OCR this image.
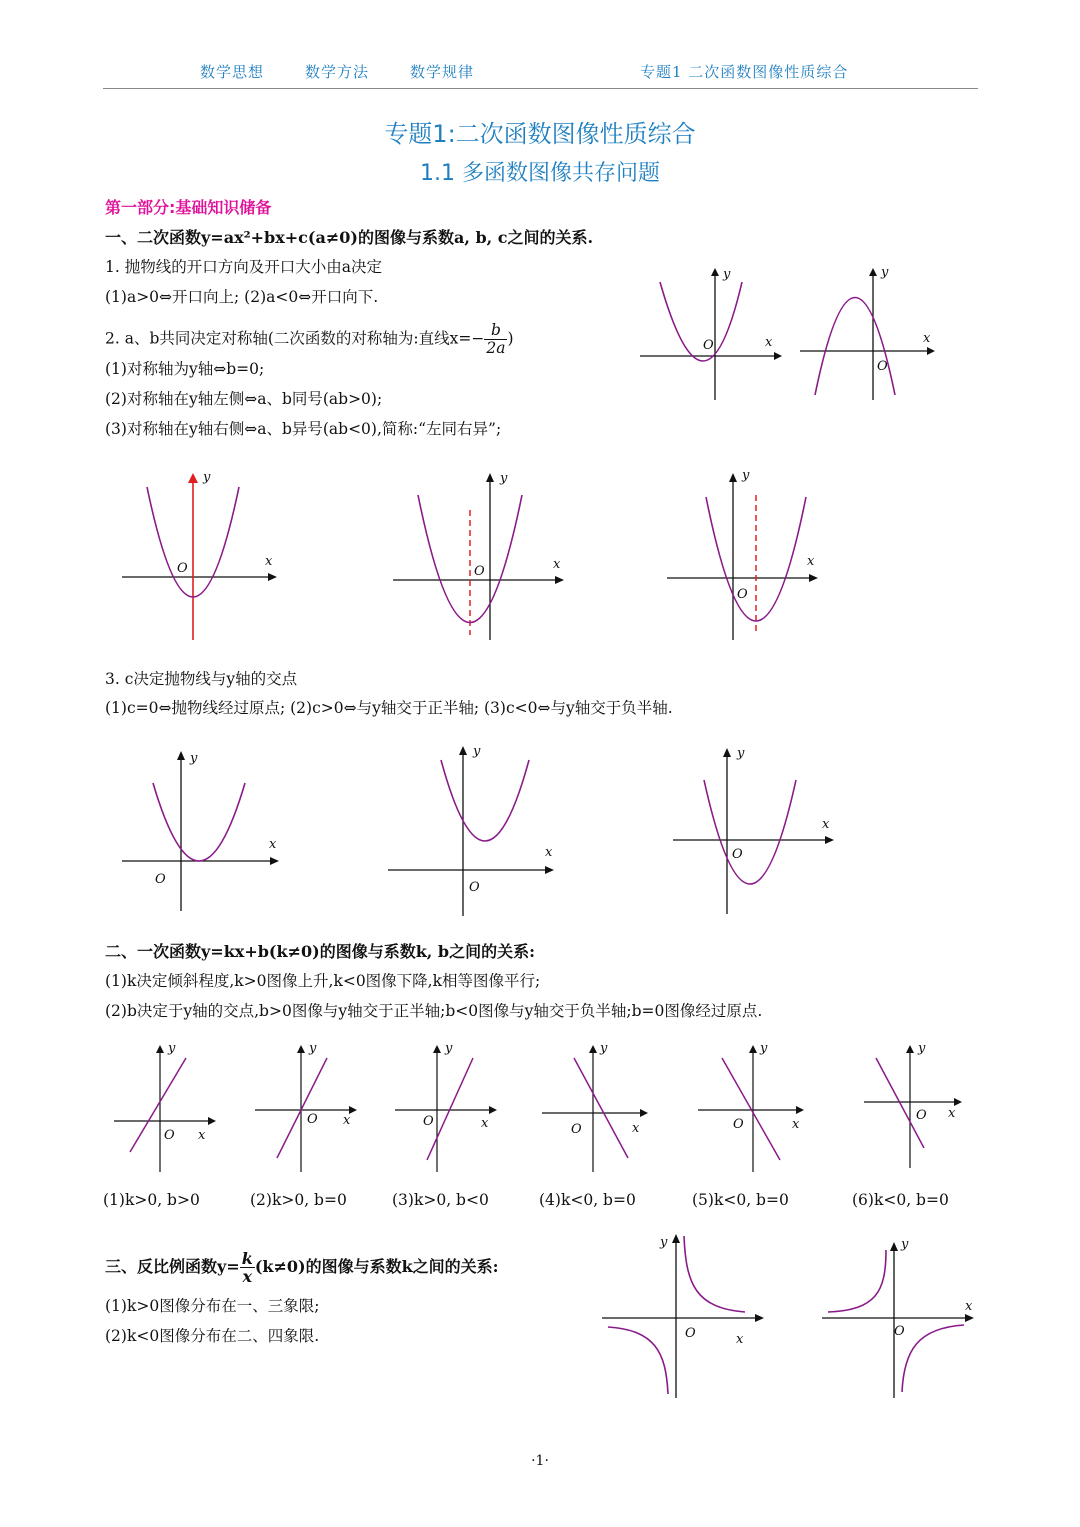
数学思想	数学方法	数学规律	专题1 二次函数图像性质综合
专题1:二次函数图像性质综合
1.1 多函数图像共存问题
第一部分:基础知识储备
一、二次函数y=ax²+bx+c(a≠0)的图像与系数a, b, c之间的关系.
1. 抛物线的开口方向及开口大小由a决定
(1)a>0⇔开口向上; (2)a<0⇔开口向下.
2. a、b共同决定对称轴(二次函数的对称轴为:直线$x=- \frac{b}{2a}$ )
(1)对称轴为y轴⇔b=0;
(2)对称轴在y轴左侧⇔a、b同号(ab>0);
(3)对称轴在y轴右侧⇔a、b异号(ab<0),简称:“左同右异”;
x
y
O	x
y
O
x
y
O	x
y
O
x
y
O
3. c决定抛物线与y轴的交点
(1)c=0⇔抛物线经过原点; (2)c>0⇔与y轴交于正半轴; (3)c<0⇔与y轴交于负半轴.
x
y
O
x
y
O
x
y
O
二、一次函数y=kx+b(k≠0)的图像与系数k, b之间的关系:
(1)k决定倾斜程度,k>0图像上升,k<0图像下降,k相等图像平行;
(2)b决定于y轴的交点,b>0图像与y轴交于正半轴;b<0图像与y轴交于负半轴;b=0图像经过原点.
x
y
O
x
y
O	x
y
O	x
y
O	x
y
O
x
y
O
(1)k>0, b>0	(2)k>0, b=0	(3)k>0, b<0	(4)k<0, b=0	(5)k<0, b=0	(6)k<0, b=0
三、反比例函数$y= \frac{k}{x} (k\ne 0)$的图像与系数k之间的关系:
(1)k>0图像分布在一、三象限;
(2)k<0图像分布在二、四象限.	x
y
O
x
y
O
·1·
